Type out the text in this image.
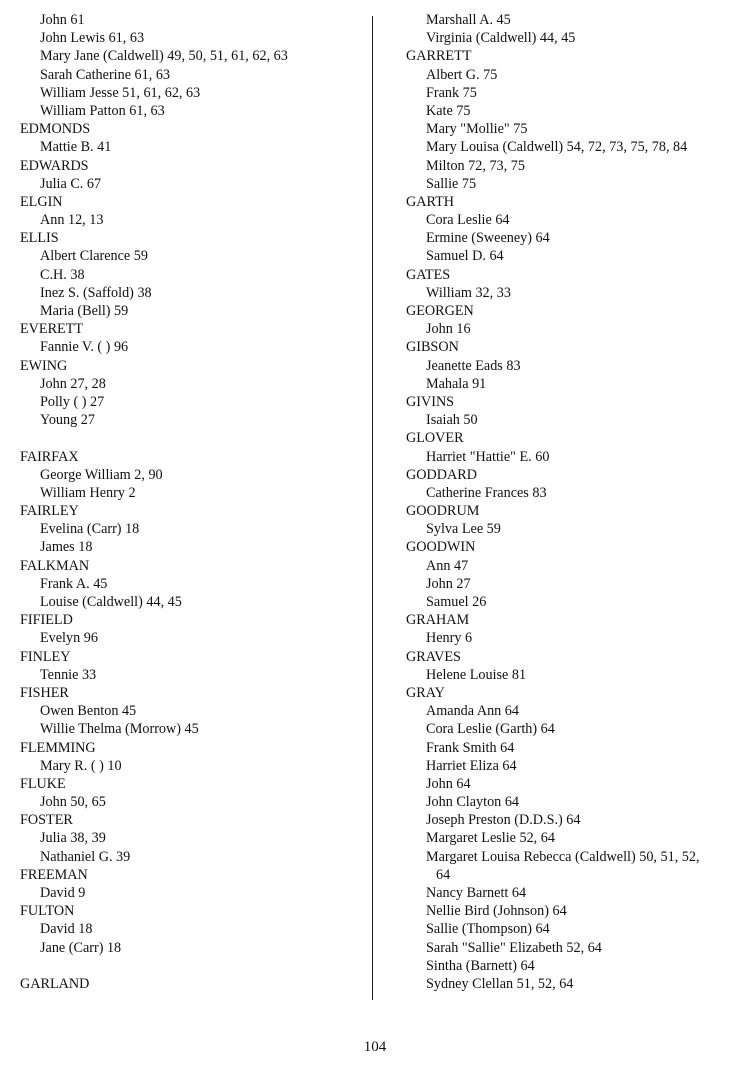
John 61
John Lewis 61, 63
Mary Jane (Caldwell) 49, 50, 51, 61, 62, 63
Sarah Catherine 61, 63
William Jesse 51, 61, 62, 63
William Patton 61, 63
EDMONDS
Mattie B. 41
EDWARDS
Julia C. 67
ELGIN
Ann 12, 13
ELLIS
Albert Clarence 59
C.H. 38
Inez S. (Saffold) 38
Maria (Bell) 59
EVERETT
Fannie V. ( ) 96
EWING
John 27, 28
Polly ( ) 27
Young 27
FAIRFAX
George William 2, 90
William Henry 2
FAIRLEY
Evelina (Carr) 18
James 18
FALKMAN
Frank A. 45
Louise (Caldwell) 44, 45
FIFIELD
Evelyn 96
FINLEY
Tennie 33
FISHER
Owen Benton 45
Willie Thelma (Morrow) 45
FLEMMING
Mary R. ( ) 10
FLUKE
John 50, 65
FOSTER
Julia 38, 39
Nathaniel G. 39
FREEMAN
David 9
FULTON
David 18
Jane (Carr) 18
GARLAND
Marshall A. 45
Virginia (Caldwell) 44, 45
GARRETT
Albert G. 75
Frank 75
Kate 75
Mary "Mollie" 75
Mary Louisa (Caldwell) 54, 72, 73, 75, 78, 84
Milton 72, 73, 75
Sallie 75
GARTH
Cora Leslie 64
Ermine (Sweeney) 64
Samuel D. 64
GATES
William 32, 33
GEORGEN
John 16
GIBSON
Jeanette Eads 83
Mahala 91
GIVINS
Isaiah 50
GLOVER
Harriet "Hattie" E. 60
GODDARD
Catherine Frances 83
GOODRUM
Sylva Lee 59
GOODWIN
Ann 47
John 27
Samuel 26
GRAHAM
Henry 6
GRAVES
Helene Louise 81
GRAY
Amanda Ann 64
Cora Leslie (Garth) 64
Frank Smith 64
Harriet Eliza 64
John 64
John Clayton 64
Joseph Preston (D.D.S.) 64
Margaret Leslie 52, 64
Margaret Louisa Rebecca (Caldwell) 50, 51, 52,
64
Nancy Barnett 64
Nellie Bird (Johnson) 64
Sallie (Thompson) 64
Sarah "Sallie" Elizabeth 52, 64
Sintha (Barnett) 64
Sydney Clellan 51, 52, 64
104
